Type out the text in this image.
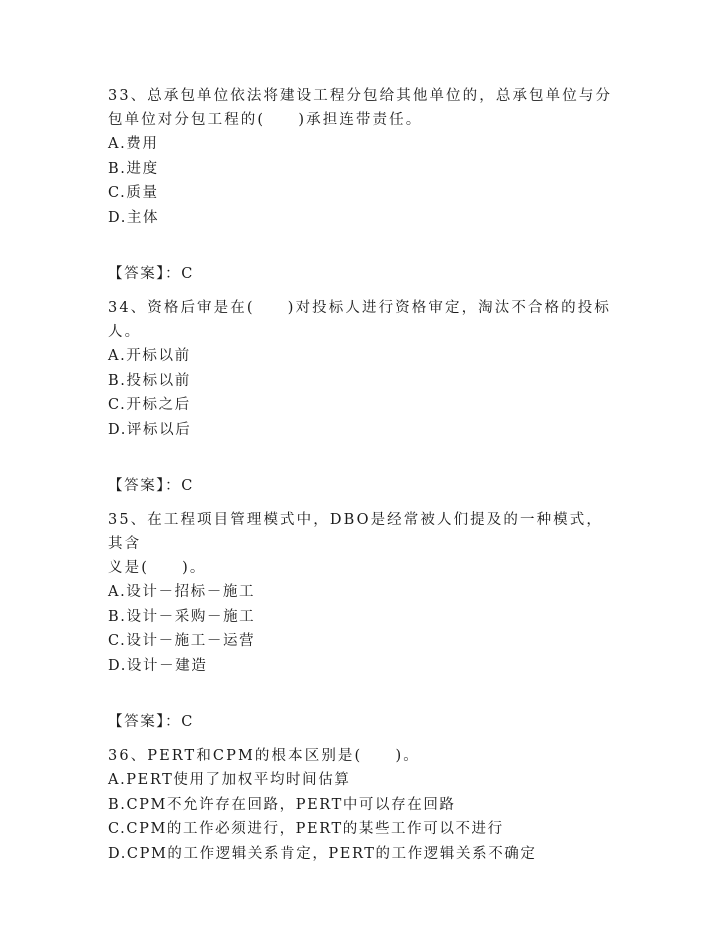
33、总承包单位依法将建设工程分包给其他单位的，总承包单位与分

包单位对分包工程的(　　)承担连带责任。

A.费用

B.进度

C.质量

D.主体

【答案】：C

34、资格后审是在(　　)对投标人进行资格审定，淘汰不合格的投标

人。

A.开标以前

B.投标以前

C.开标之后

D.评标以后

【答案】：C

35、在工程项目管理模式中，DBO是经常被人们提及的一种模式，其含

义是(　　)。

A.设计－招标－施工

B.设计－采购－施工

C.设计－施工－运营

D.设计－建造

【答案】：C

36、PERT和CPM的根本区别是(　　)。

A.PERT使用了加权平均时间估算

B.CPM不允许存在回路，PERT中可以存在回路

C.CPM的工作必须进行，PERT的某些工作可以不进行

D.CPM的工作逻辑关系肯定，PERT的工作逻辑关系不确定
